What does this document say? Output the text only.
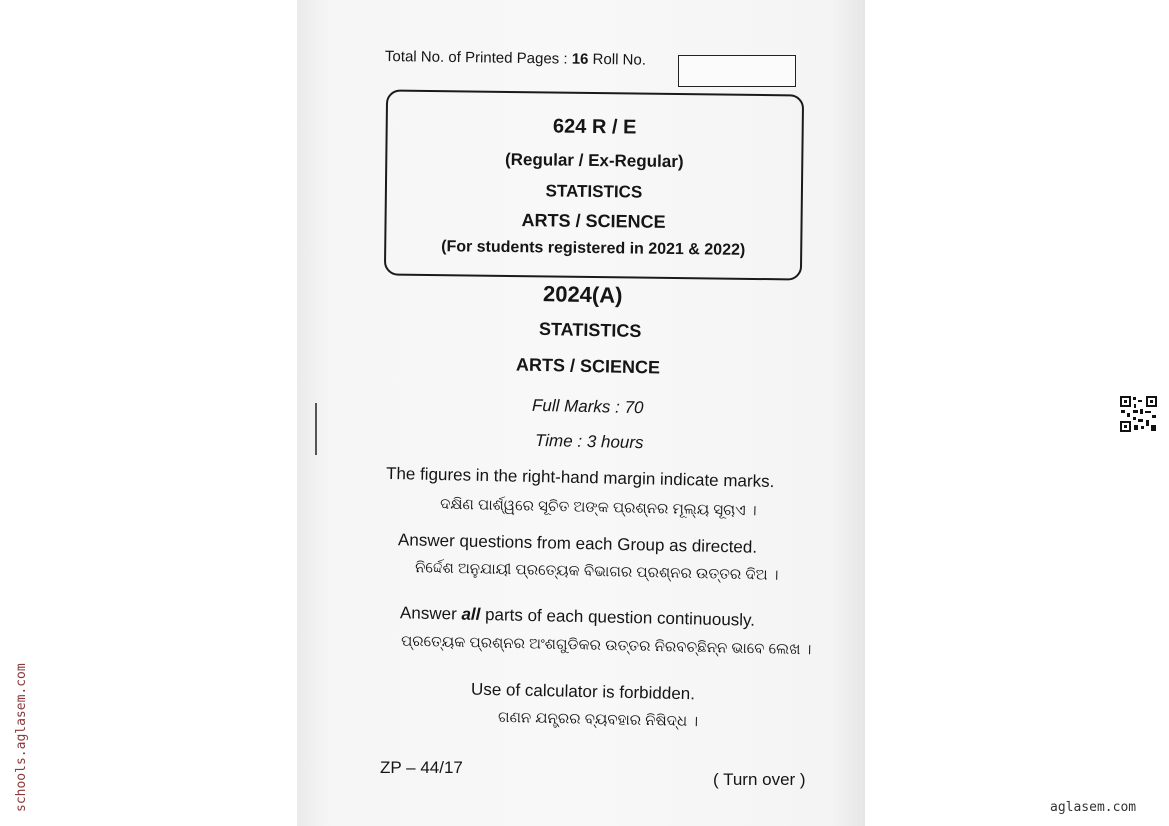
Total No. of Printed Pages : 16 Roll No.
624 R / E
(Regular / Ex-Regular)
STATISTICS
ARTS / SCIENCE
(For students registered in 2021 & 2022)
2024(A)
STATISTICS
ARTS / SCIENCE
Full Marks : 70
Time : 3 hours
The figures in the right-hand margin indicate marks.
ଦକ୍ଷିଣ ପାର୍ଶ୍ୱରେ ସୂଚିତ ଅଙ୍କ ପ୍ରଶ୍ନର ମୂଲ୍ୟ ସୂଚାଏ ।
Answer questions from each Group as directed.
ନିର୍ଦ୍ଦେଶ ଅନୁଯାୟୀ ପ୍ରତ୍ୟେକ ବିଭାଗର ପ୍ରଶ୍ନର ଉତ୍ତର ଦିଅ ।
Answer all parts of each question continuously.
ପ୍ରତ୍ୟେକ ପ୍ରଶ୍ନର ଅଂଶଗୁଡିକର ଉତ୍ତର ନିରବଚ୍ଛିନ୍ନ ଭାବେ ଲେଖ ।
Use of calculator is forbidden.
ଗଣନ ଯନ୍ତ୍ରର ବ୍ୟବହାର ନିଷିଦ୍ଧ ।
ZP – 44/17
( Turn over )
schools.aglasem.com	aglasem.com
